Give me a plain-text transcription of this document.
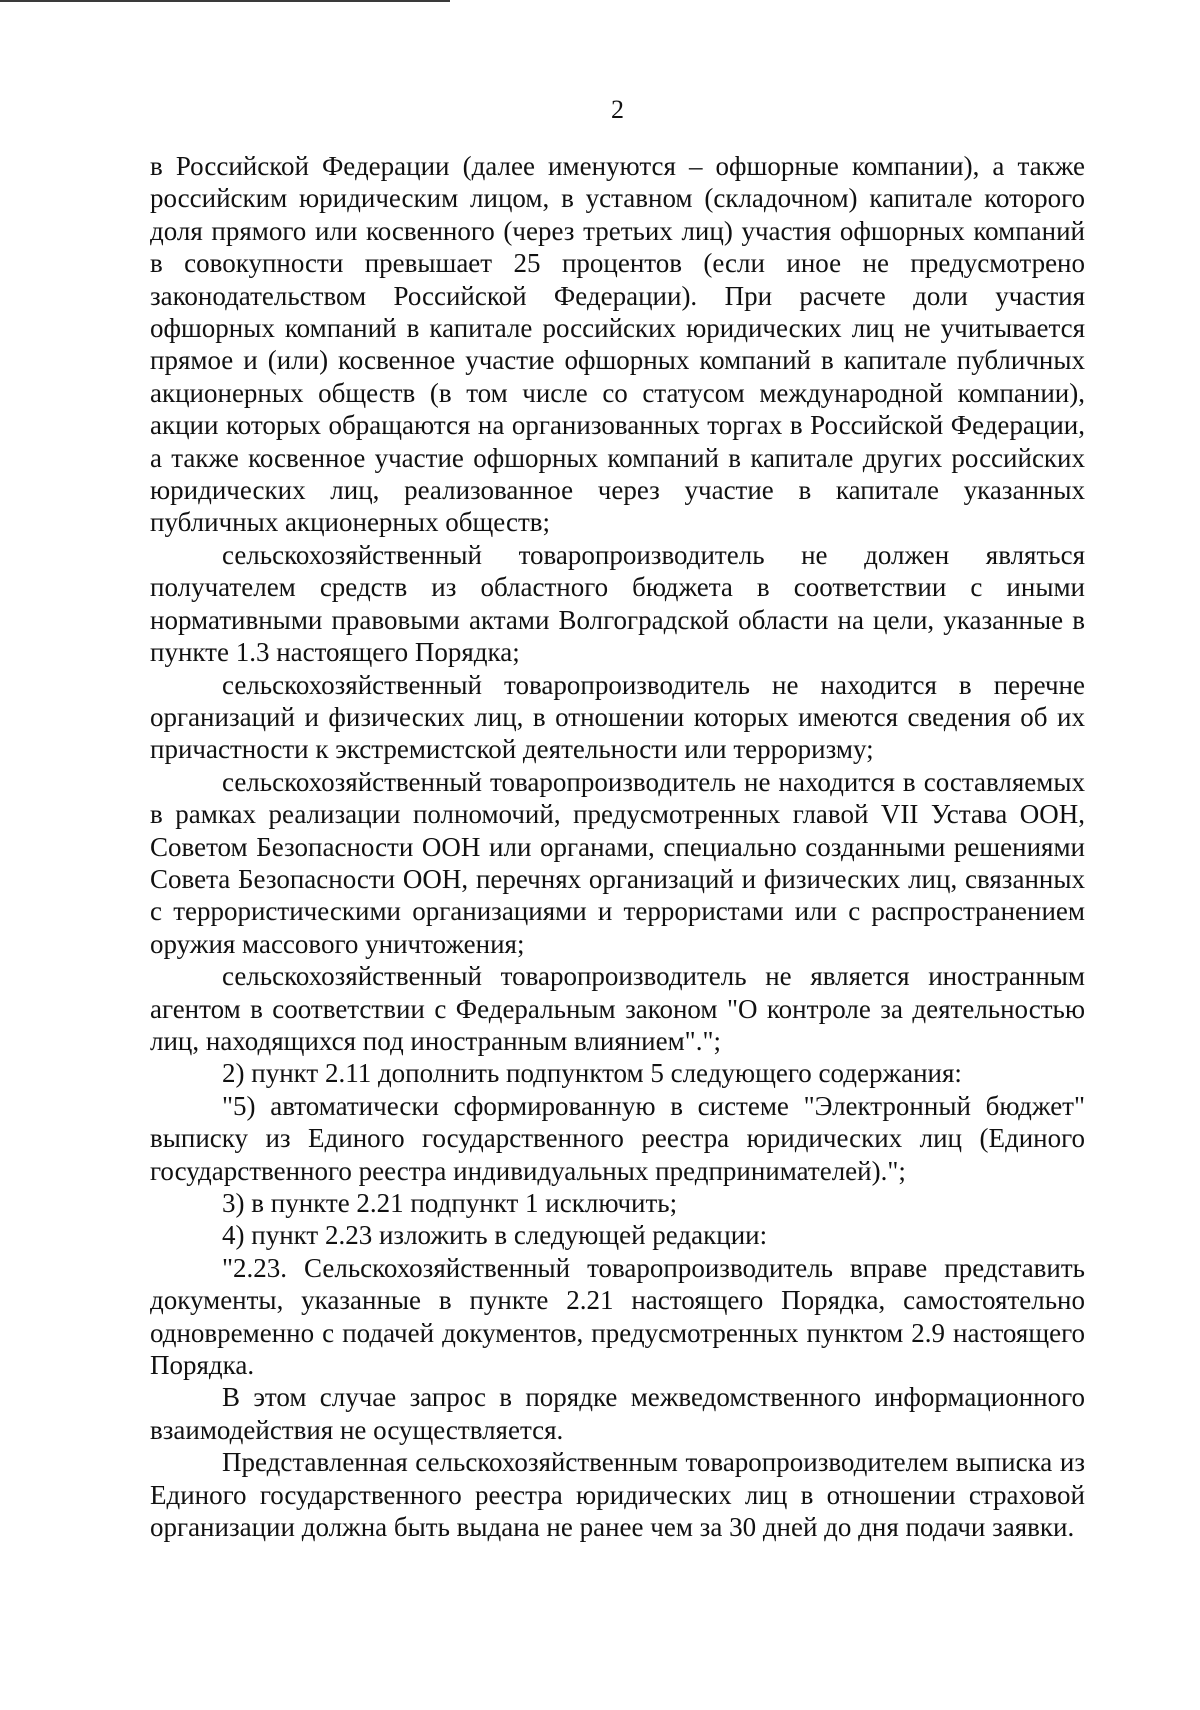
2

в Российской Федерации (далее именуются – офшорные компании), а также российским юридическим лицом, в уставном (складочном) капитале которого доля прямого или косвенного (через третьих лиц) участия офшорных компаний в совокупности превышает 25 процентов (если иное не предусмотрено законодательством Российской Федерации). При расчете доли участия офшорных компаний в капитале российских юридических лиц не учитывается прямое и (или) косвенное участие офшорных компаний в капитале публичных акционерных обществ (в том числе со статусом международной компании), акции которых обращаются на организованных торгах в Российской Федерации, а также косвенное участие офшорных компаний в капитале других российских юридических лиц, реализованное через участие в капитале указанных публичных акционерных обществ;

сельскохозяйственный товаропроизводитель не должен являться получателем средств из областного бюджета в соответствии с иными нормативными правовыми актами Волгоградской области на цели, указанные в пункте 1.3 настоящего Порядка;

сельскохозяйственный товаропроизводитель не находится в перечне организаций и физических лиц, в отношении которых имеются сведения об их причастности к экстремистской деятельности или терроризму;

сельскохозяйственный товаропроизводитель не находится в составляемых в рамках реализации полномочий, предусмотренных главой VII Устава ООН, Советом Безопасности ООН или органами, специально созданными решениями Совета Безопасности ООН, перечнях организаций и физических лиц, связанных с террористическими организациями и террористами или с распространением оружия массового уничтожения;

сельскохозяйственный товаропроизводитель не является иностранным агентом в соответствии с Федеральным законом "О контроле за деятельностью лиц, находящихся под иностранным влиянием".";

2) пункт 2.11 дополнить подпунктом 5 следующего содержания:

"5) автоматически сформированную в системе "Электронный бюджет" выписку из Единого государственного реестра юридических лиц (Единого государственного реестра индивидуальных предпринимателей).";

3) в пункте 2.21 подпункт 1 исключить;

4) пункт 2.23 изложить в следующей редакции:

"2.23. Сельскохозяйственный товаропроизводитель вправе представить документы, указанные в пункте 2.21 настоящего Порядка, самостоятельно одновременно с подачей документов, предусмотренных пунктом 2.9 настоящего Порядка.

В этом случае запрос в порядке межведомственного информационного взаимодействия не осуществляется.

Представленная сельскохозяйственным товаропроизводителем выписка из Единого государственного реестра юридических лиц в отношении страховой организации должна быть выдана не ранее чем за 30 дней до дня подачи заявки.
